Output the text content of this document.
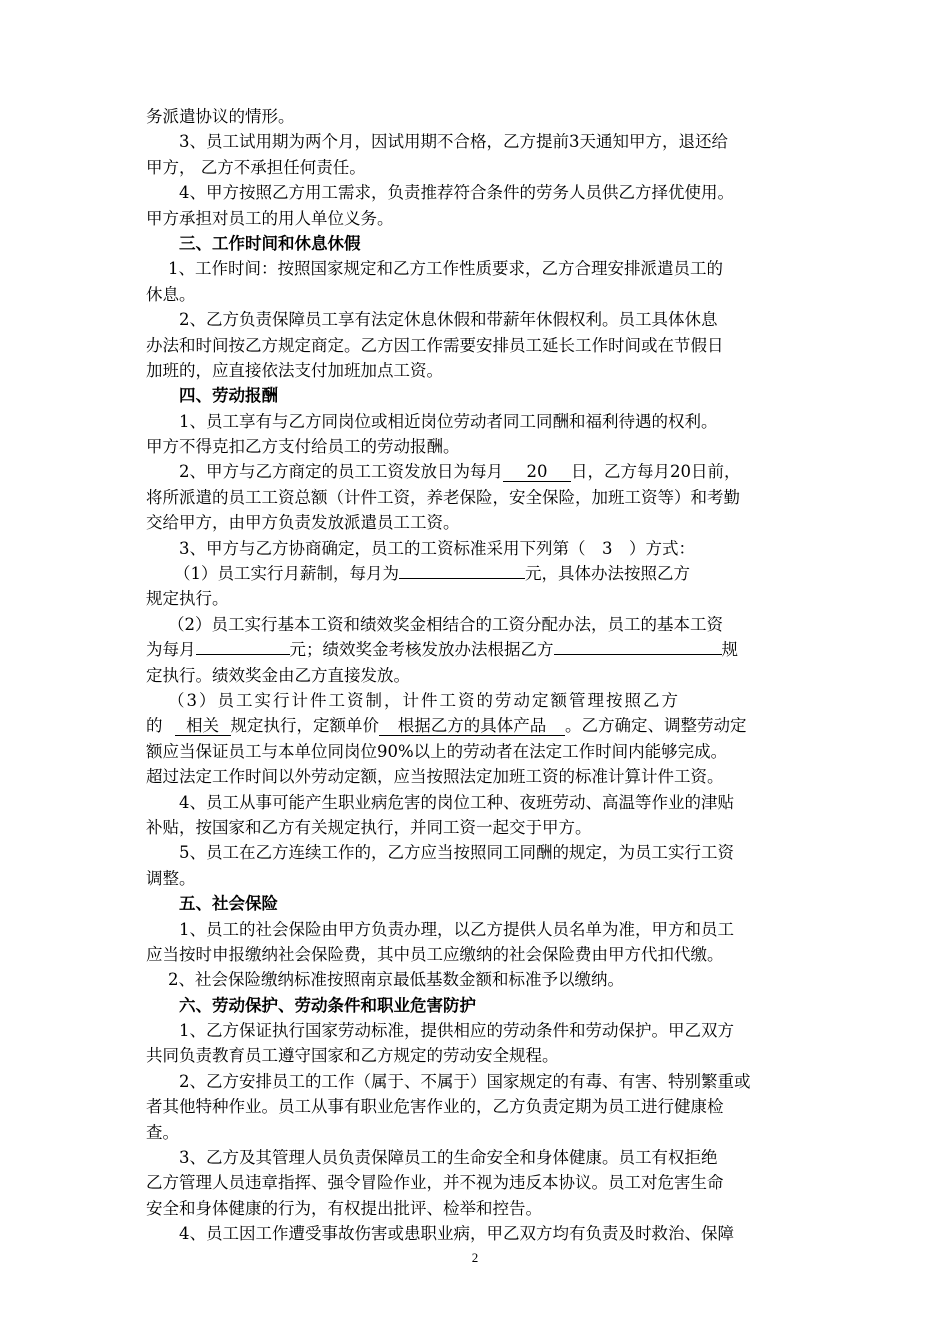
务派遣协议的情形。
3、员工试用期为两个月，因试用期不合格，乙方提前3天通知甲方，退还给
甲方， 乙方不承担任何责任。
4、甲方按照乙方用工需求，负责推荐符合条件的劳务人员供乙方择优使用。
甲方承担对员工的用人单位义务。
三、工作时间和休息休假
1、工作时间：按照国家规定和乙方工作性质要求，乙方合理安排派遣员工的
休息。
2、乙方负责保障员工享有法定休息休假和带薪年休假权利。员工具体休息
办法和时间按乙方规定商定。乙方因工作需要安排员工延长工作时间或在节假日
加班的，应直接依法支付加班加点工资。
四、劳动报酬
1、员工享有与乙方同岗位或相近岗位劳动者同工同酬和福利待遇的权利。
甲方不得克扣乙方支付给员工的劳动报酬。
2、甲方与乙方商定的员工工资发放日为每月 20 日，乙方每月20日前，
将所派遣的员工工资总额（计件工资，养老保险，安全保险，加班工资等）和考勤
交给甲方，由甲方负责发放派遣员工工资。
3、甲方与乙方协商确定，员工的工资标准采用下列第（　3　）方式：
（1）员工实行月薪制，每月为	元，具体办法按照乙方
规定执行。
（2）员工实行基本工资和绩效奖金相结合的工资分配办法，员工的基本工资
为每月	元；绩效奖金考核发放办法根据乙方	规
定执行。绩效奖金由乙方直接发放。
（3）员工实行计件工资制，计件工资的劳动定额管理按照乙方
的 相关 规定执行，定额单价 根据乙方的具体产品 。乙方确定、调整劳动定
额应当保证员工与本单位同岗位90%以上的劳动者在法定工作时间内能够完成。
超过法定工作时间以外劳动定额，应当按照法定加班工资的标准计算计件工资。
4、员工从事可能产生职业病危害的岗位工种、夜班劳动、高温等作业的津贴
补贴，按国家和乙方有关规定执行，并同工资一起交于甲方。
5、员工在乙方连续工作的，乙方应当按照同工同酬的规定，为员工实行工资
调整。
五、社会保险
1、员工的社会保险由甲方负责办理，以乙方提供人员名单为准，甲方和员工
应当按时申报缴纳社会保险费，其中员工应缴纳的社会保险费由甲方代扣代缴。
2、社会保险缴纳标准按照南京最低基数金额和标准予以缴纳。
六、劳动保护、劳动条件和职业危害防护
1、乙方保证执行国家劳动标准，提供相应的劳动条件和劳动保护。甲乙双方
共同负责教育员工遵守国家和乙方规定的劳动安全规程。
2、乙方安排员工的工作（属于、不属于）国家规定的有毒、有害、特别繁重或
者其他特种作业。员工从事有职业危害作业的，乙方负责定期为员工进行健康检
查。
3、乙方及其管理人员负责保障员工的生命安全和身体健康。员工有权拒绝
乙方管理人员违章指挥、强令冒险作业，并不视为违反本协议。员工对危害生命
安全和身体健康的行为，有权提出批评、检举和控告。
4、员工因工作遭受事故伤害或患职业病，甲乙双方均有负责及时救治、保障
2
